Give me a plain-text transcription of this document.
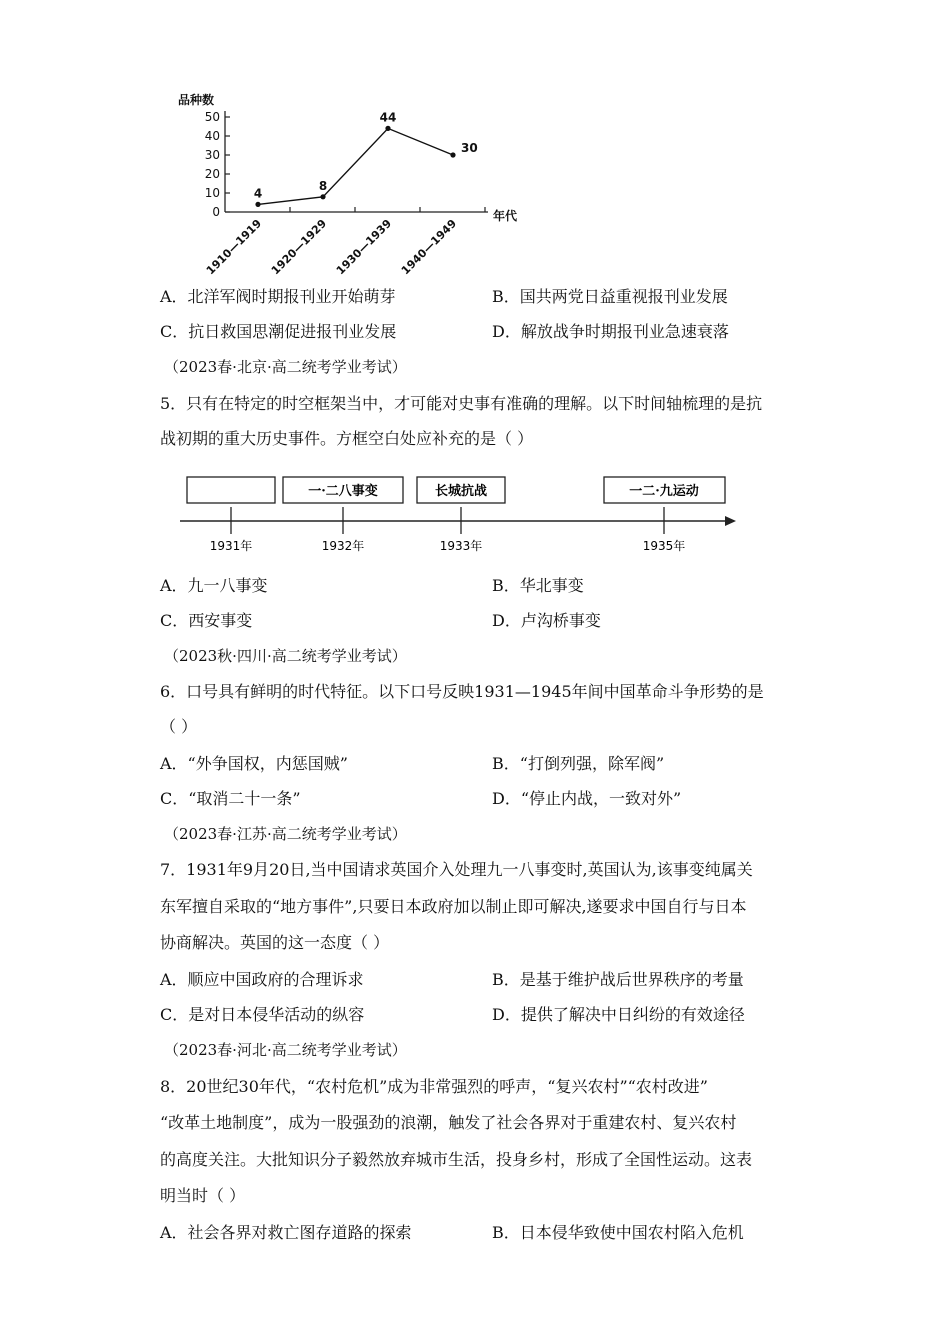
品种数
0
10
20
30
40
50
1910—1919 1920—1929 1930—1939 1940—1949
年代
4
8
44
30
A．北洋军阀时期报刊业开始萌芽	B．国共两党日益重视报刊业发展
C．抗日救国思潮促进报刊业发展	D．解放战争时期报刊业急速衰落
（2023春·北京·高二统考学业考试）
5．只有在特定的时空框架当中，才可能对史事有准确的理解。以下时间轴梳理的是抗
战初期的重大历史事件。方框空白处应补充的是（ ）
一·二八事变	长城抗战	一二·九运动
1931年	1932年	1933年	1935年
A．九一八事变	B．华北事变
C．西安事变	D．卢沟桥事变
（2023秋·四川·高二统考学业考试）
6．口号具有鲜明的时代特征。以下口号反映1931—1945年间中国革命斗争形势的是
（ ）
A．“外争国权，内惩国贼”	B．“打倒列强，除军阀”
C．“取消二十一条”	D．“停止内战，一致对外”
（2023春·江苏·高二统考学业考试）
7．1931年9月20日,当中国请求英国介入处理九一八事变时,英国认为,该事变纯属关
东军擅自采取的“地方事件”,只要日本政府加以制止即可解决,遂要求中国自行与日本
协商解决。英国的这一态度（ ）
A．顺应中国政府的合理诉求	B．是基于维护战后世界秩序的考量
C．是对日本侵华活动的纵容	D．提供了解决中日纠纷的有效途径
（2023春·河北·高二统考学业考试）
8．20世纪30年代，“农村危机”成为非常强烈的呼声，“复兴农村”“农村改进”
“改革土地制度”，成为一股强劲的浪潮，触发了社会各界对于重建农村、复兴农村
的高度关注。大批知识分子毅然放弃城市生活，投身乡村，形成了全国性运动。这表
明当时（ ）
A．社会各界对救亡图存道路的探索	B．日本侵华致使中国农村陷入危机
